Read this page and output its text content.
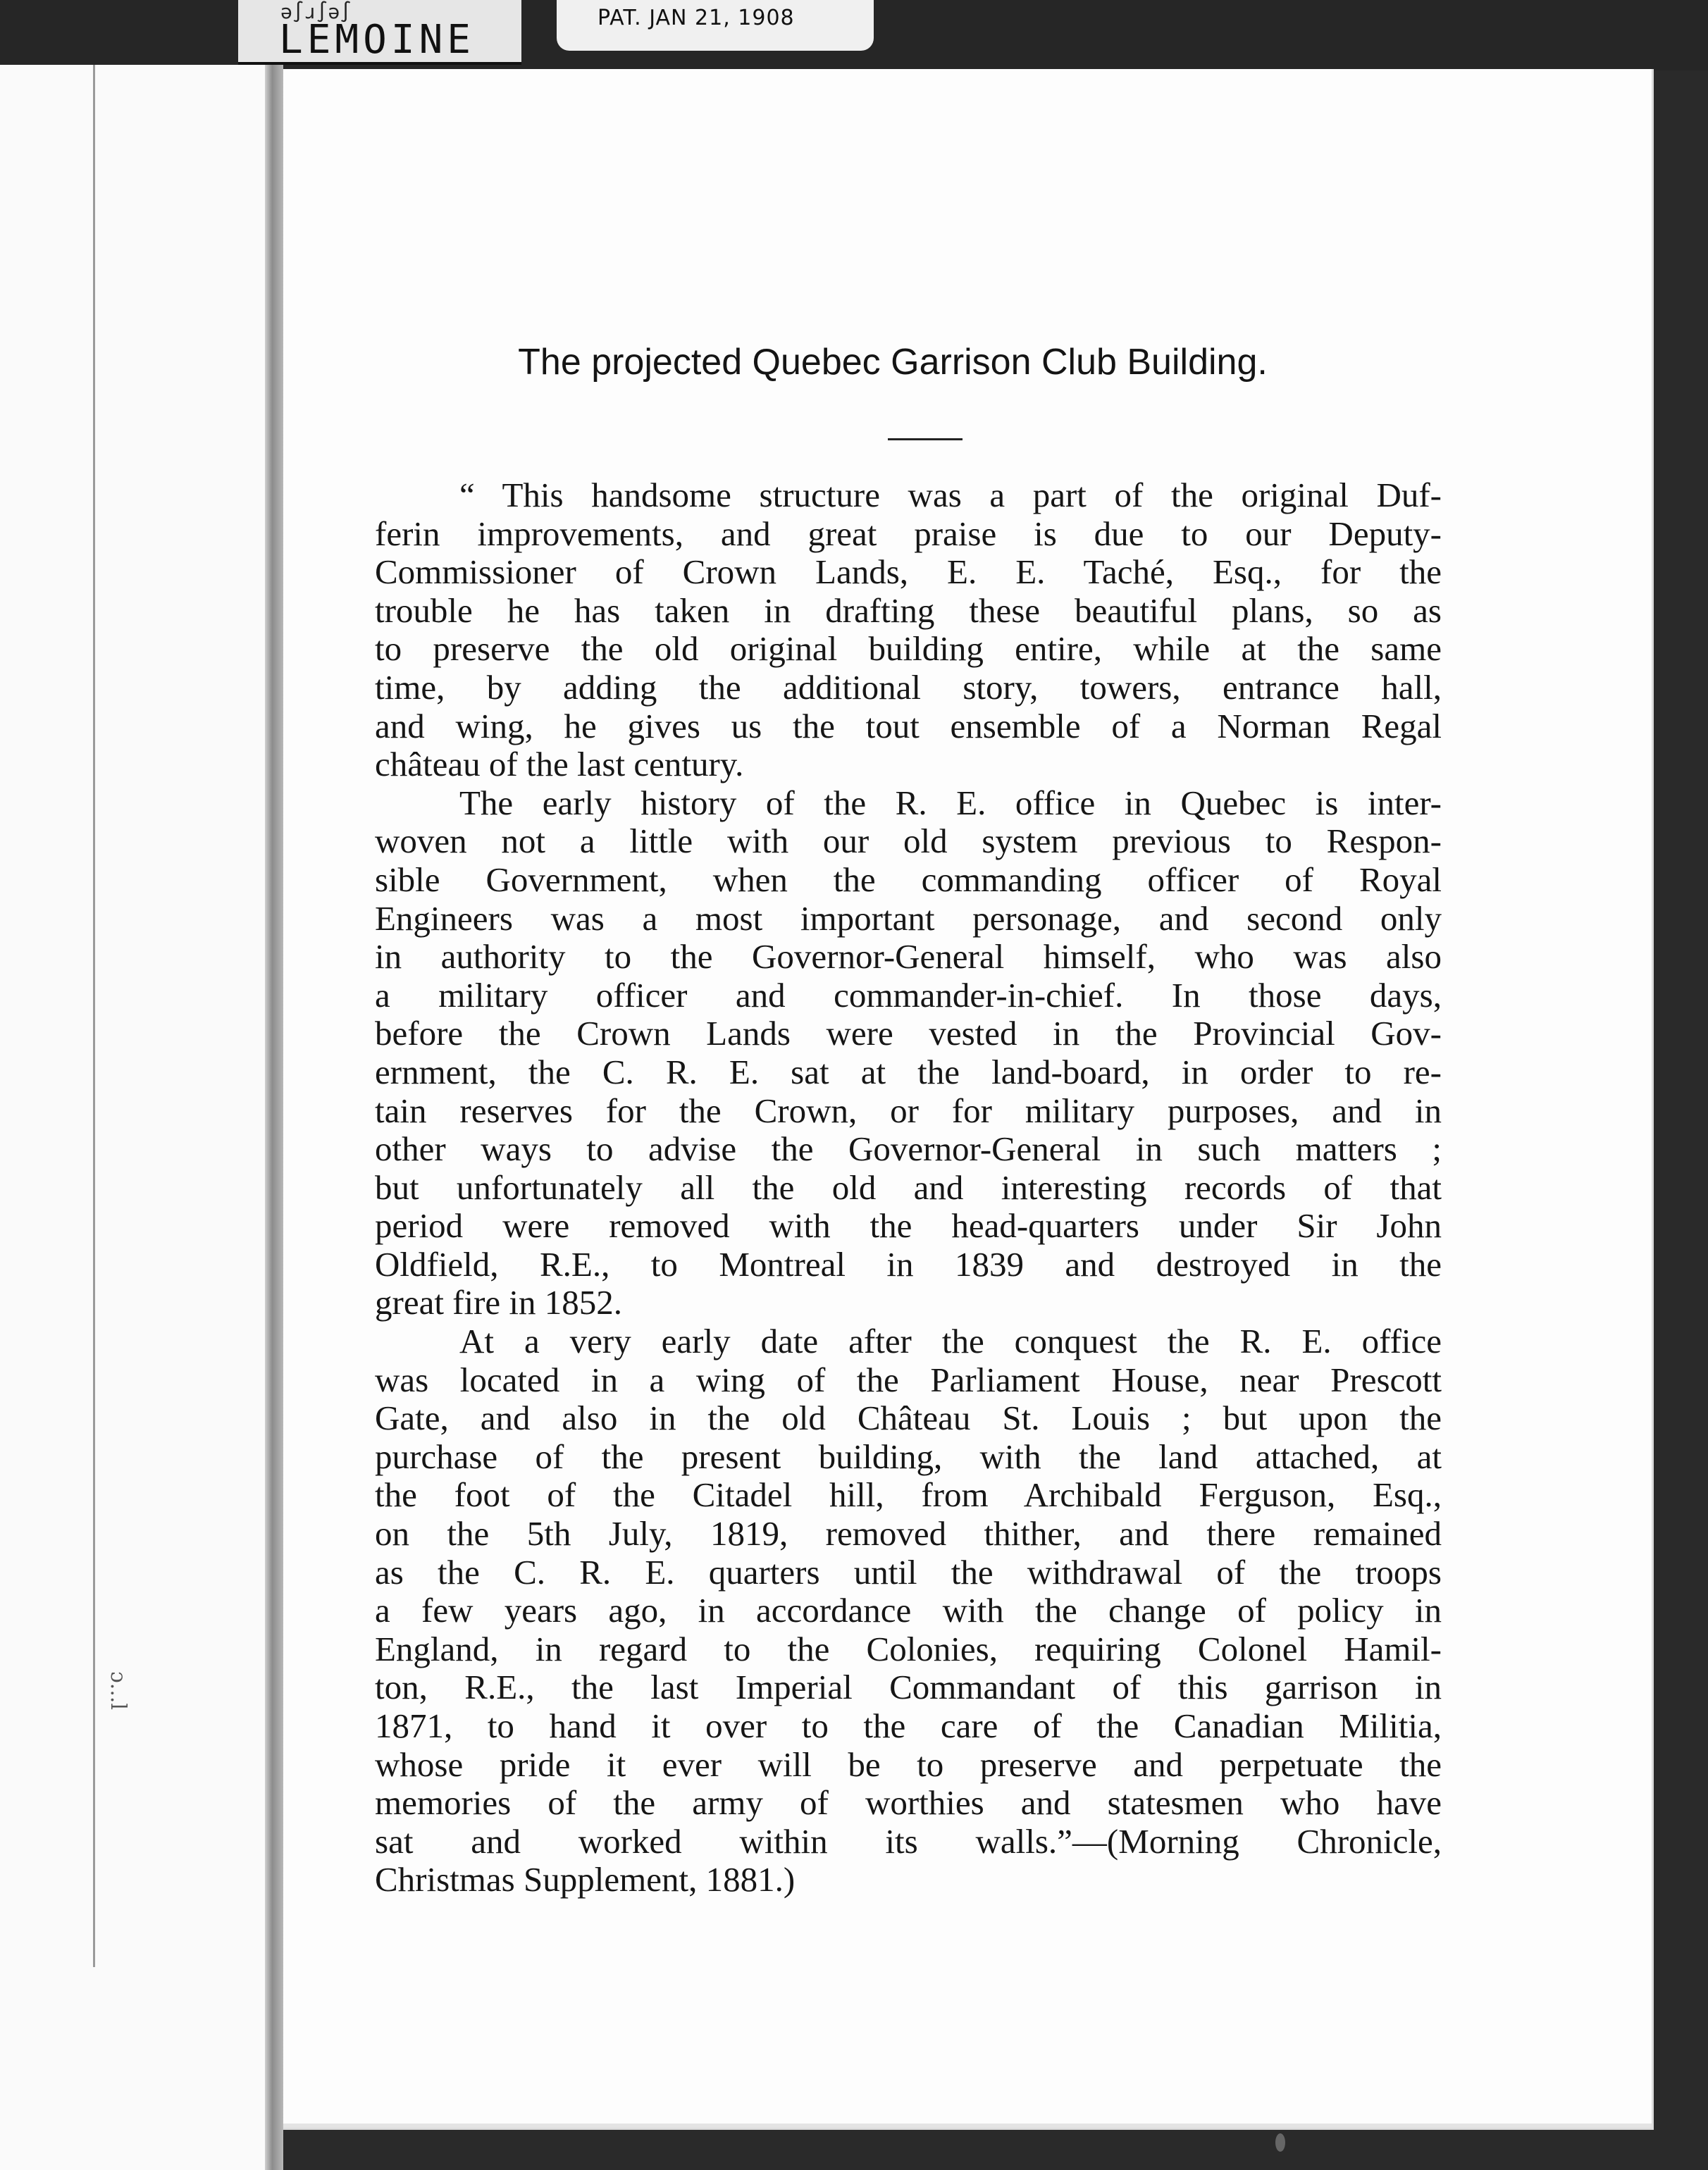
ǝ∫ɹ∫ǝ∫
LEMOINE	PAT. JAN 21, 1908
ɔ...l
The projected Quebec Garrison Club Building.
“ This handsome structure was a part of the original Duf-
ferin improvements, and great praise is due to our Deputy-
Commissioner of Crown Lands, E. E. Taché, Esq., for the
trouble he has taken in drafting these beautiful plans, so as
to preserve the old original building entire, while at the same
time, by adding the additional story, towers, entrance hall,
and wing, he gives us the tout ensemble of a Norman Regal
château of the last century.
The early history of the R. E. office in Quebec is inter-
woven not a little with our old system previous to Respon-
sible Government, when the commanding officer of Royal
Engineers was a most important personage, and second only
in authority to the Governor-General himself, who was also
a military officer and commander-in-chief. In those days,
before the Crown Lands were vested in the Provincial Gov-
ernment, the C. R. E. sat at the land-board, in order to re-
tain reserves for the Crown, or for military purposes, and in
other ways to advise the Governor-General in such matters ;
but unfortunately all the old and interesting records of that
period were removed with the head-quarters under Sir John
Oldfield, R.E., to Montreal in 1839 and destroyed in the
great fire in 1852.
At a very early date after the conquest the R. E. office
was located in a wing of the Parliament House, near Prescott
Gate, and also in the old Château St. Louis ; but upon the
purchase of the present building, with the land attached, at
the foot of the Citadel hill, from Archibald Ferguson, Esq.,
on the 5th July, 1819, removed thither, and there remained
as the C. R. E. quarters until the withdrawal of the troops
a few years ago, in accordance with the change of policy in
England, in regard to the Colonies, requiring Colonel Hamil-
ton, R.E., the last Imperial Commandant of this garrison in
1871, to hand it over to the care of the Canadian Militia,
whose pride it ever will be to preserve and perpetuate the
memories of the army of worthies and statesmen who have
sat and worked within its walls.”—(Morning Chronicle,
Christmas Supplement, 1881.)
